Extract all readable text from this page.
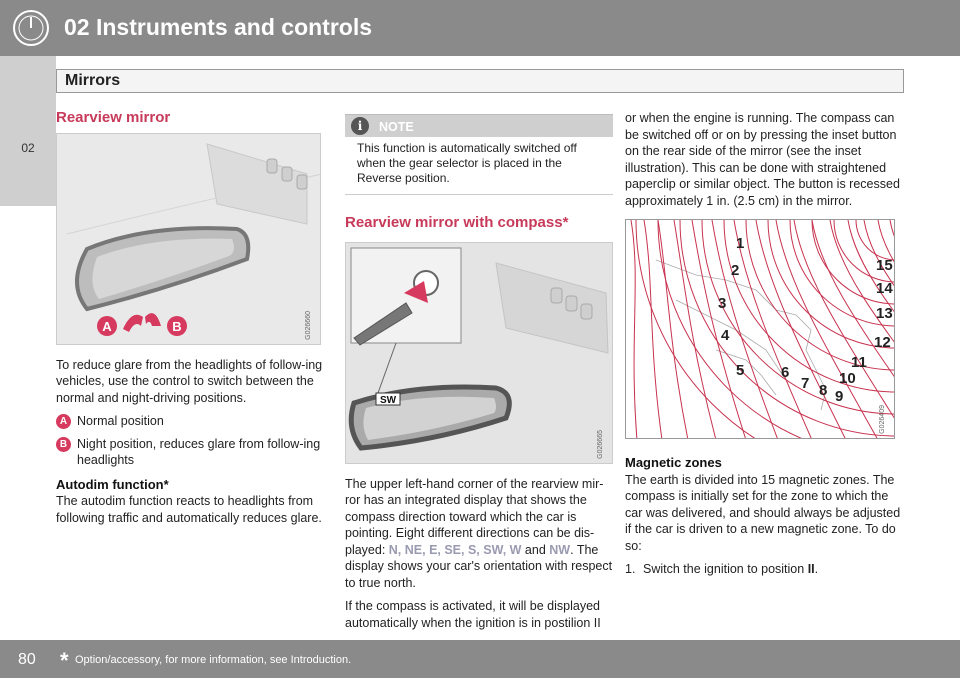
02 Instruments and controls
Mirrors
02
Rearview mirror
A	B	G026660

To reduce glare from the headlights of follow-ing vehicles, use the control to switch between the normal and night-driving positions.

A Normal position
B Night position, reduces glare from follow-ing headlights
Autodim function*

The autodim function reacts to headlights from following traffic and automatically reduces glare.

i	NOTE
This function is automatically switched off when the gear selector is placed in the Reverse position.
Rearview mirror with compass*
SW
G026665

The upper left-hand corner of the rearview mir-ror has an integrated display that shows the compass direction toward which the car is pointing. Eight different directions can be dis-played: N, NE, E, SE, S, SW, W and NW. The display shows your car's orientation with respect to true north.

If the compass is activated, it will be displayed automatically when the ignition is in postilion II

or when the engine is running. The compass can be switched off or on by pressing the inset button on the rear side of the mirror (see the inset illustration). This can be done with straightened paperclip or similar object. The button is recessed approximately 1 in. (2.5 cm) in the mirror.

1
2
3
4
5 6
7 8 9
10
11
12
13
14
15
G026409
Magnetic zones

The earth is divided into 15 magnetic zones. The compass is initially set for the zone to which the car was delivered, and should always be adjusted if the car is driven to a new magnetic zone. To do so:

1. Switch the ignition to position II.
80 * Option/accessory, for more information, see Introduction.
